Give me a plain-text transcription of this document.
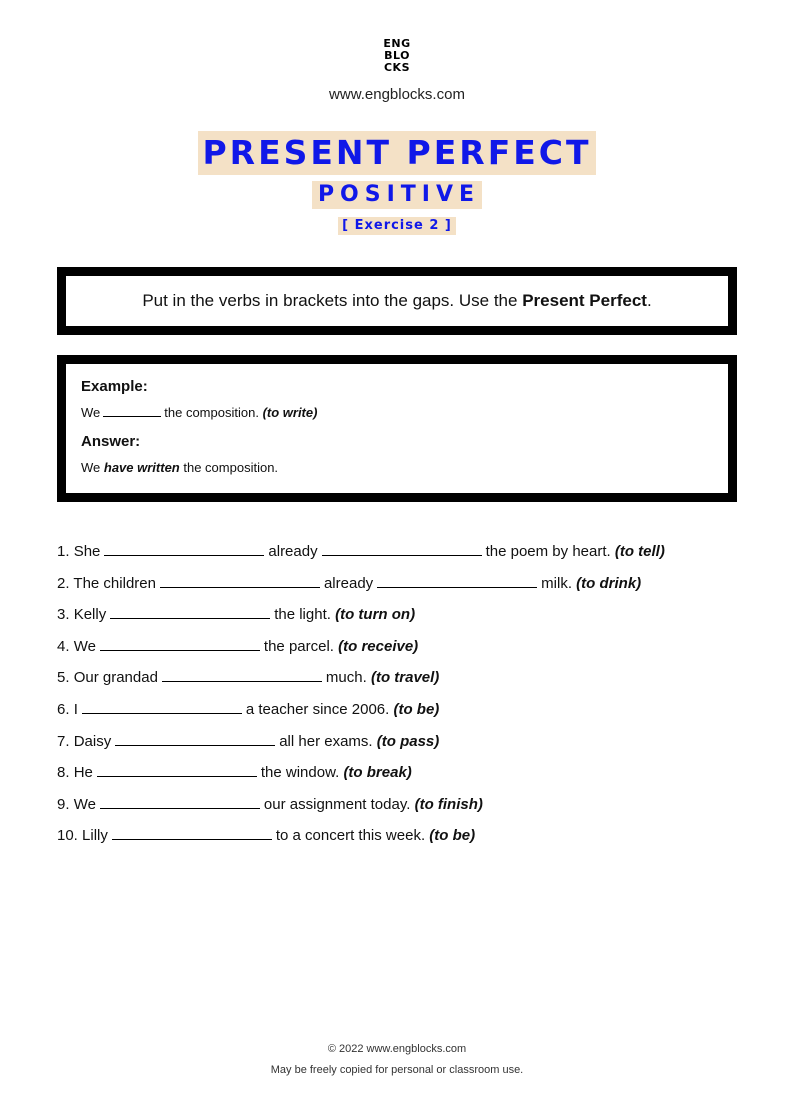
ENG
BLO
CKS
www.engblocks.com
PRESENT PERFECT
POSITIVE
[ Exercise 2 ]
Put in the verbs in brackets into the gaps. Use the Present Perfect.

Example:

We	the composition. (to write)

Answer:

We have written the composition.

1. She	already	the poem by heart. (to tell)
2. The children	already	milk. (to drink)
3. Kelly	the light. (to turn on)
4. We	the parcel. (to receive)
5. Our grandad	much. (to travel)
6. I	a teacher since 2006. (to be)
7. Daisy	all her exams. (to pass)
8. He	the window. (to break)
9. We	our assignment today. (to finish)
10. Lilly	to a concert this week. (to be)
© 2022 www.engblocks.com
May be freely copied for personal or classroom use.
